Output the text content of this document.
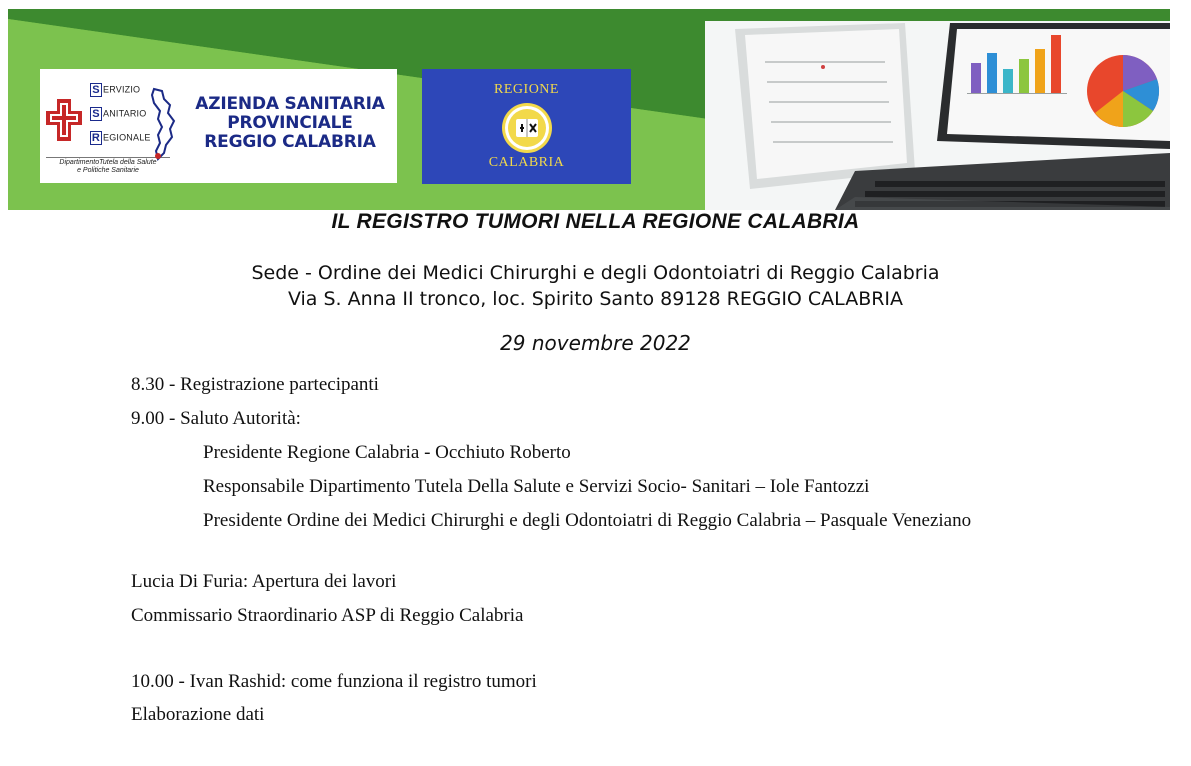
S ERVIZIO
S ANITARIO
R EGIONALE
DipartimentoTutela della Salute
e Politiche Sanitarie
AZIENDA SANITARIA
PROVINCIALE
REGGIO CALABRIA
REGIONE
CALABRIA
IL REGISTRO TUMORI NELLA REGIONE CALABRIA
Sede - Ordine dei Medici Chirurghi e degli Odontoiatri di Reggio Calabria
Via S. Anna II tronco, loc. Spirito Santo 89128 REGGIO CALABRIA
29 novembre 2022
8.30 - Registrazione partecipanti
9.00 - Saluto Autorità:
Presidente Regione Calabria - Occhiuto Roberto
Responsabile Dipartimento Tutela Della Salute e Servizi Socio- Sanitari – Iole Fantozzi
Presidente Ordine dei Medici Chirurghi e degli Odontoiatri di Reggio Calabria – Pasquale Veneziano
Lucia Di Furia: Apertura dei lavori
Commissario Straordinario ASP di Reggio Calabria
10.00 - Ivan Rashid: come funziona il registro tumori
Elaborazione dati
